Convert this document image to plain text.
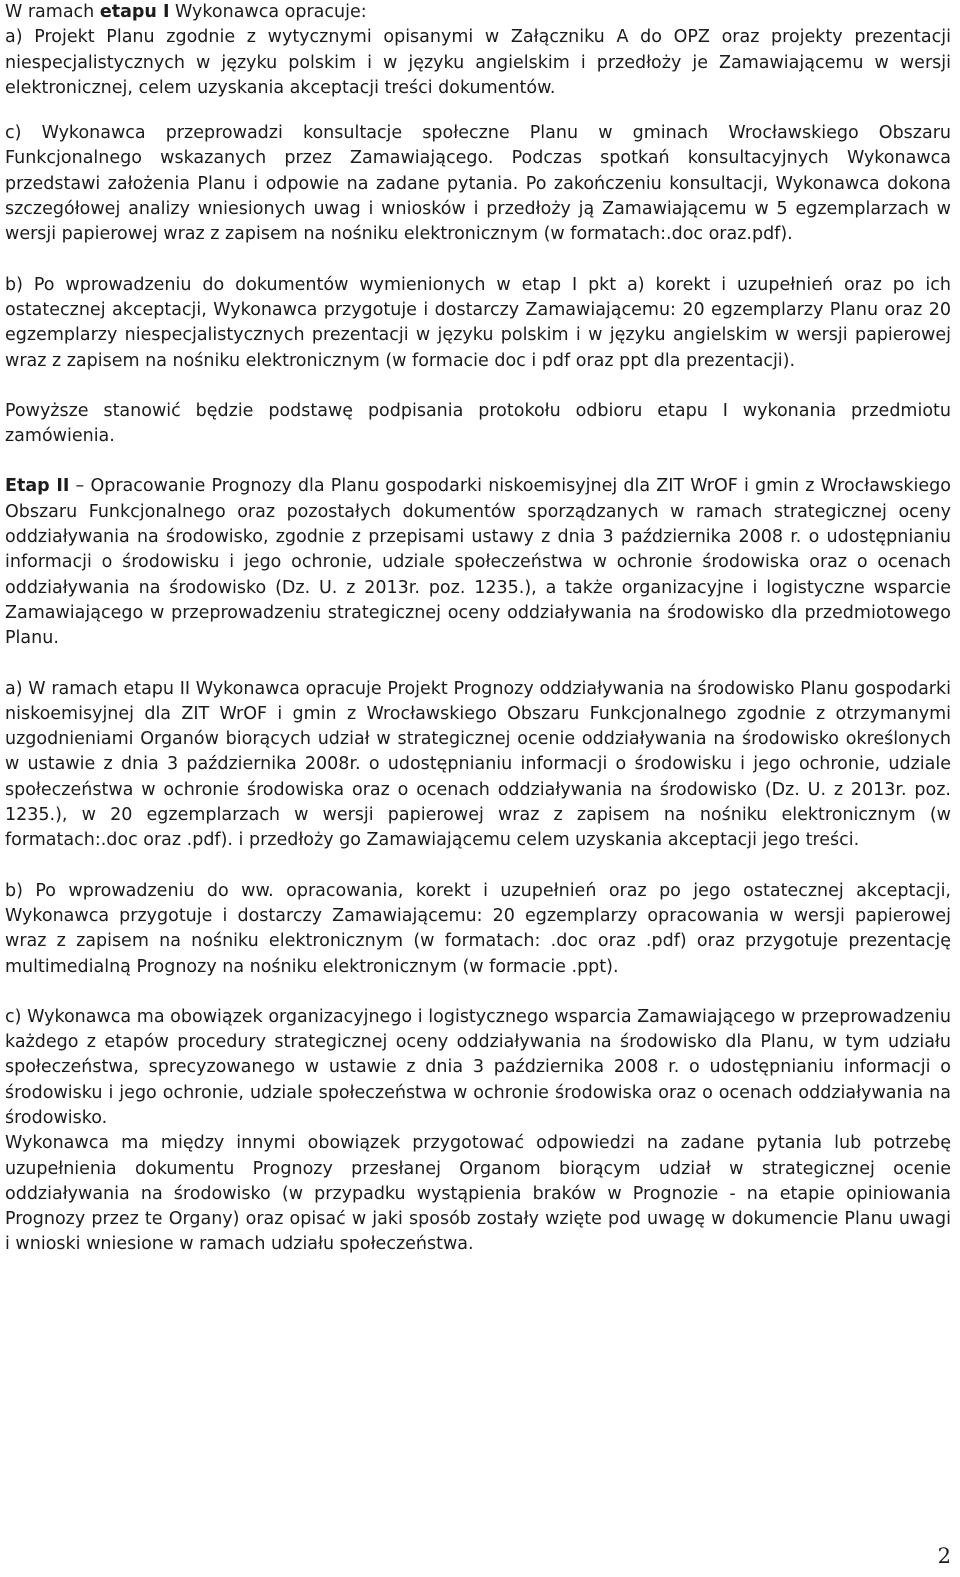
W ramach etapu I Wykonawca opracuje:
a) Projekt Planu zgodnie z wytycznymi opisanymi w Załączniku A do OPZ oraz projekty prezentacji niespecjalistycznych w języku polskim i w języku angielskim i przedłoży je Zamawiającemu w wersji elektronicznej, celem uzyskania akceptacji treści dokumentów.

c) Wykonawca przeprowadzi konsultacje społeczne Planu w gminach Wrocławskiego Obszaru Funkcjonalnego wskazanych przez Zamawiającego. Podczas spotkań konsultacyjnych Wykonawca przedstawi założenia Planu i odpowie na zadane pytania. Po zakończeniu konsultacji, Wykonawca dokona szczegółowej analizy wniesionych uwag i wniosków i przedłoży ją Zamawiającemu w 5 egzemplarzach w wersji papierowej wraz z zapisem na nośniku elektronicznym (w formatach:.doc oraz.pdf).

b) Po wprowadzeniu do dokumentów wymienionych w etap I pkt a) korekt i uzupełnień oraz po ich ostatecznej akceptacji, Wykonawca przygotuje i dostarczy Zamawiającemu: 20 egzemplarzy Planu oraz 20 egzemplarzy niespecjalistycznych prezentacji w języku polskim i w języku angielskim w wersji papierowej wraz z zapisem na nośniku elektronicznym (w formacie doc i pdf oraz ppt dla prezentacji).

Powyższe stanowić będzie podstawę podpisania protokołu odbioru etapu I wykonania przedmiotu zamówienia.

Etap II – Opracowanie Prognozy dla Planu gospodarki niskoemisyjnej dla ZIT WrOF i gmin z Wrocławskiego Obszaru Funkcjonalnego oraz pozostałych dokumentów sporządzanych w ramach strategicznej oceny oddziaływania na środowisko, zgodnie z przepisami ustawy z dnia 3 października 2008 r. o udostępnianiu informacji o środowisku i jego ochronie, udziale społeczeństwa w ochronie środowiska oraz o ocenach oddziaływania na środowisko (Dz. U. z 2013r. poz. 1235.), a także organizacyjne i logistyczne wsparcie Zamawiającego w przeprowadzeniu strategicznej oceny oddziaływania na środowisko dla przedmiotowego Planu.

a) W ramach etapu II Wykonawca opracuje Projekt Prognozy oddziaływania na środowisko Planu gospodarki niskoemisyjnej dla ZIT WrOF i gmin z Wrocławskiego Obszaru Funkcjonalnego zgodnie z otrzymanymi uzgodnieniami Organów biorących udział w strategicznej ocenie oddziaływania na środowisko określonych w ustawie z dnia 3 października 2008r. o udostępnianiu informacji o środowisku i jego ochronie, udziale społeczeństwa w ochronie środowiska oraz o ocenach oddziaływania na środowisko (Dz. U. z 2013r. poz. 1235.), w 20 egzemplarzach w wersji papierowej wraz z zapisem na nośniku elektronicznym (w formatach:.doc oraz .pdf). i przedłoży go Zamawiającemu celem uzyskania akceptacji jego treści.

b) Po wprowadzeniu do ww. opracowania, korekt i uzupełnień oraz po jego ostatecznej akceptacji, Wykonawca przygotuje i dostarczy Zamawiającemu: 20 egzemplarzy opracowania w wersji papierowej wraz z zapisem na nośniku elektronicznym (w formatach: .doc oraz .pdf) oraz przygotuje prezentację multimedialną Prognozy na nośniku elektronicznym (w formacie .ppt).

c) Wykonawca ma obowiązek organizacyjnego i logistycznego wsparcia Zamawiającego w przeprowadzeniu każdego z etapów procedury strategicznej oceny oddziaływania na środowisko dla Planu, w tym udziału społeczeństwa, sprecyzowanego w ustawie z dnia 3 października 2008 r. o udostępnianiu informacji o środowisku i jego ochronie, udziale społeczeństwa w ochronie środowiska oraz o ocenach oddziaływania na środowisko.

Wykonawca ma między innymi obowiązek przygotować odpowiedzi na zadane pytania lub potrzebę uzupełnienia dokumentu Prognozy przesłanej Organom biorącym udział w strategicznej ocenie oddziaływania na środowisko (w przypadku wystąpienia braków w Prognozie - na etapie opiniowania Prognozy przez te Organy) oraz opisać w jaki sposób zostały wzięte pod uwagę w dokumencie Planu uwagi i wnioski wniesione w ramach udziału społeczeństwa.

2
